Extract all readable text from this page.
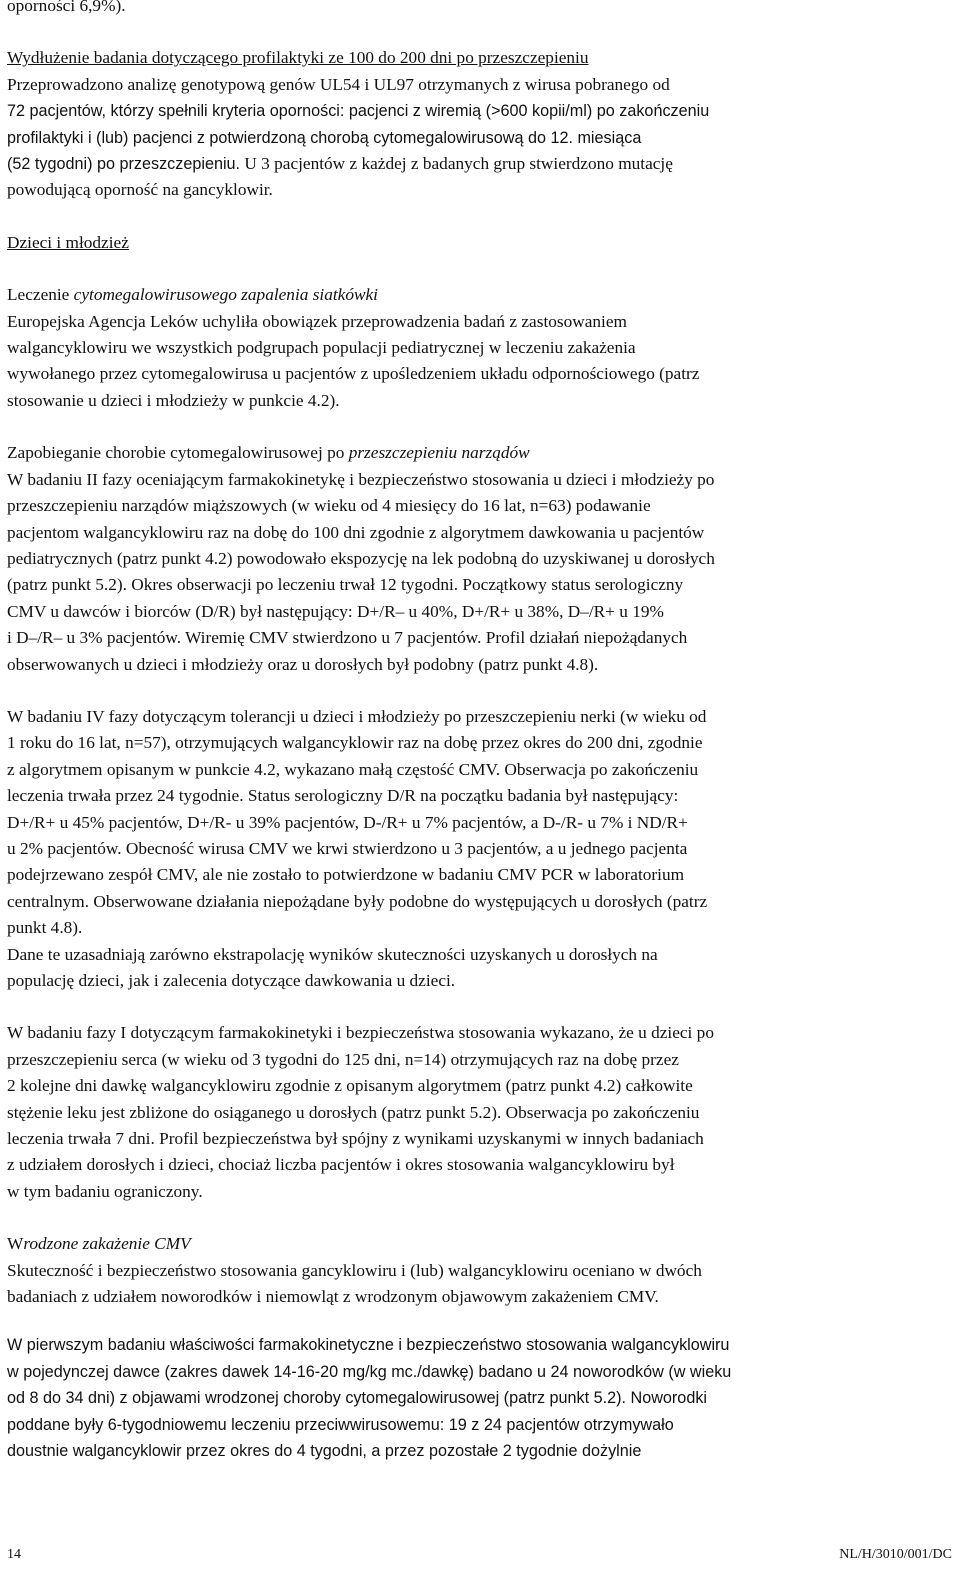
oporności 6,9%).

Wydłużenie badania dotyczącego profilaktyki ze 100 do 200 dni po przeszczepieniu

Przeprowadzono analizę genotypową genów UL54 i UL97 otrzymanych z wirusa pobranego od

72 pacjentów, którzy spełnili kryteria oporności: pacjenci z wiremią (>600 kopii/ml) po zakończeniu
profilaktyki i (lub) pacjenci z potwierdzoną chorobą cytomegalowirusową do 12. miesiąca
(52 tygodni) po przeszczepieniu. U 3 pacjentów z każdej z badanych grup stwierdzono mutację
powodującą oporność na gancyklowir.

Dzieci i młodzież

Leczenie cytomegalowirusowego zapalenia siatkówki

Europejska Agencja Leków uchyliła obowiązek przeprowadzenia badań z zastosowaniem
walgancyklowiru we wszystkich podgrupach populacji pediatrycznej w leczeniu zakażenia
wywołanego przez cytomegalowirusa u pacjentów z upośledzeniem układu odpornościowego (patrz
stosowanie u dzieci i młodzieży w punkcie 4.2).

Zapobieganie chorobie cytomegalowirusowej po przeszczepieniu narządów

W badaniu II fazy oceniającym farmakokinetykę i bezpieczeństwo stosowania u dzieci i młodzieży po
przeszczepieniu narządów miąższowych (w wieku od 4 miesięcy do 16 lat, n=63) podawanie
pacjentom walgancyklowiru raz na dobę do 100 dni zgodnie z algorytmem dawkowania u pacjentów
pediatrycznych (patrz punkt 4.2) powodowało ekspozycję na lek podobną do uzyskiwanej u dorosłych
(patrz punkt 5.2). Okres obserwacji po leczeniu trwał 12 tygodni. Początkowy status serologiczny
CMV u dawców i biorców (D/R) był następujący: D+/R– u 40%, D+/R+ u 38%, D–/R+ u 19%
i D–/R– u 3% pacjentów. Wiremię CMV stwierdzono u 7 pacjentów. Profil działań niepożądanych
obserwowanych u dzieci i młodzieży oraz u dorosłych był podobny (patrz punkt 4.8).

W badaniu IV fazy dotyczącym tolerancji u dzieci i młodzieży po przeszczepieniu nerki (w wieku od
1 roku do 16 lat, n=57), otrzymujących walgancyklowir raz na dobę przez okres do 200 dni, zgodnie
z algorytmem opisanym w punkcie 4.2, wykazano małą częstość CMV. Obserwacja po zakończeniu
leczenia trwała przez 24 tygodnie. Status serologiczny D/R na początku badania był następujący:
D+/R+ u 45% pacjentów, D+/R- u 39% pacjentów, D-/R+ u 7% pacjentów, a D-/R- u 7% i ND/R+
u 2% pacjentów. Obecność wirusa CMV we krwi stwierdzono u 3 pacjentów, a u jednego pacjenta
podejrzewano zespół CMV, ale nie zostało to potwierdzone w badaniu CMV PCR w laboratorium
centralnym. Obserwowane działania niepożądane były podobne do występujących u dorosłych (patrz
punkt 4.8).

Dane te uzasadniają zarówno ekstrapolację wyników skuteczności uzyskanych u dorosłych na
populację dzieci, jak i zalecenia dotyczące dawkowania u dzieci.

W badaniu fazy I dotyczącym farmakokinetyki i bezpieczeństwa stosowania wykazano, że u dzieci po
przeszczepieniu serca (w wieku od 3 tygodni do 125 dni, n=14) otrzymujących raz na dobę przez
2 kolejne dni dawkę walgancyklowiru zgodnie z opisanym algorytmem (patrz punkt 4.2) całkowite
stężenie leku jest zbliżone do osiąganego u dorosłych (patrz punkt 5.2). Obserwacja po zakończeniu
leczenia trwała 7 dni. Profil bezpieczeństwa był spójny z wynikami uzyskanymi w innych badaniach
z udziałem dorosłych i dzieci, chociaż liczba pacjentów i okres stosowania walgancyklowiru był
w tym badaniu ograniczony.

Wrodzone zakażenie CMV

Skuteczność i bezpieczeństwo stosowania gancyklowiru i (lub) walgancyklowiru oceniano w dwóch
badaniach z udziałem noworodków i niemowląt z wrodzonym objawowym zakażeniem CMV.

W pierwszym badaniu właściwości farmakokinetyczne i bezpieczeństwo stosowania walgancyklowiru
w pojedynczej dawce (zakres dawek 14-16-20 mg/kg mc./dawkę) badano u 24 noworodków (w wieku
od 8 do 34 dni) z objawami wrodzonej choroby cytomegalowirusowej (patrz punkt 5.2). Noworodki
poddane były 6-tygodniowemu leczeniu przeciwwirusowemu: 19 z 24 pacjentów otrzymywało
doustnie walgancyklowir przez okres do 4 tygodni, a przez pozostałe 2 tygodnie dożylnie

14	NL/H/3010/001/DC
